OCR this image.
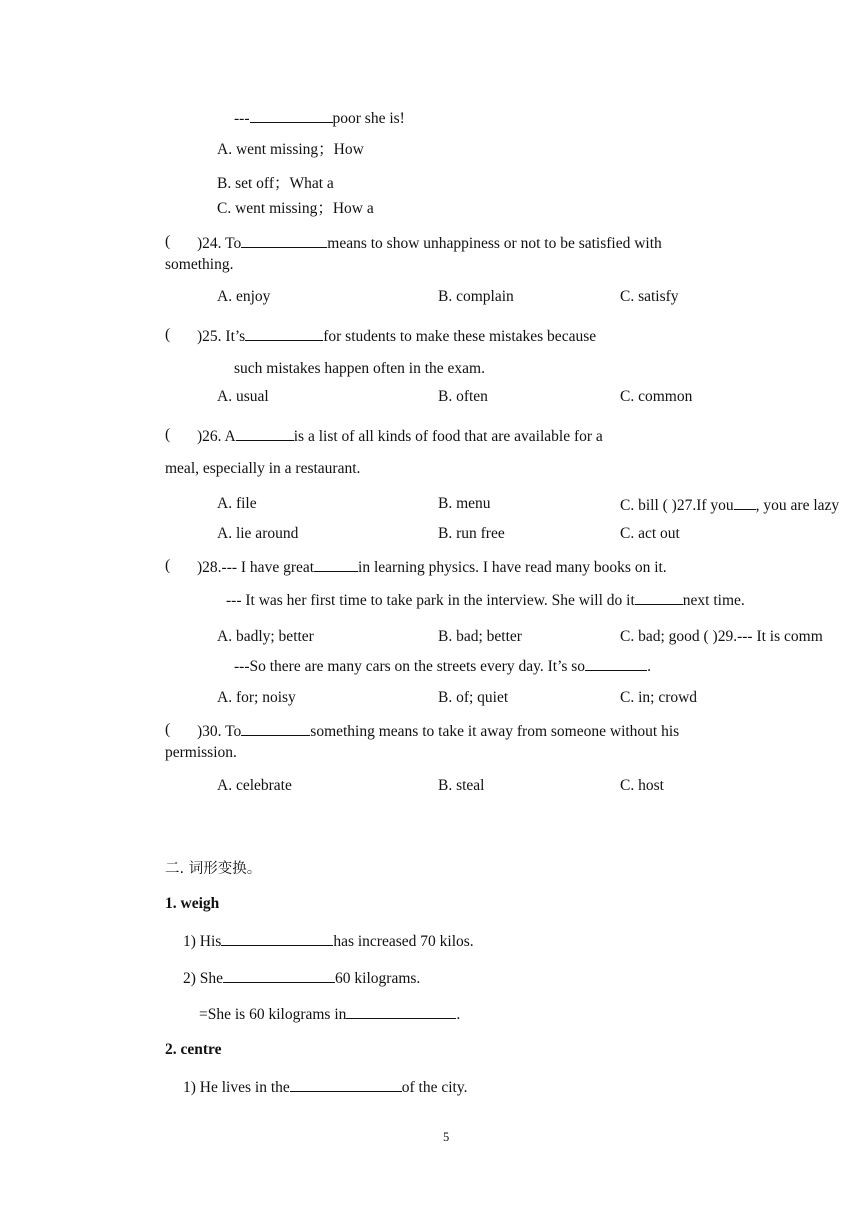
---	poor she is!
A. went missing；How
B. set off；What a
C. went missing；How a
( )24. To	means to show unhappiness or not to be satisfied with
something.
A. enjoy	B. complain	C. satisfy
( )25. It’s	for students to make these mistakes because
such mistakes happen often in the exam.
A. usual	B. often	C. common
( )26. A	is a list of all kinds of food that are available for a
meal, especially in a restaurant.
A. file	B. menu	C. bill ( )27.If you , you are lazy
A. lie around	B. run free	C. act out
( )28.--- I have great	in learning physics. I have read many books on it.
--- It was her first time to take park in the interview. She will do it	next time.
A. badly; better	B. bad; better	C. bad; good ( )29.--- It is comm
---So there are many cars on the streets every day. It’s so	.
A. for; noisy	B. of; quiet	C. in; crowd
( )30. To	something means to take it away from someone without his
permission.
A. celebrate	B. steal	C. host
二. 词形变换。
1. weigh
1) His	has increased 70 kilos.
2) She	60 kilograms.
=She is 60 kilograms in	.
2. centre
1) He lives in the	of the city.
5
